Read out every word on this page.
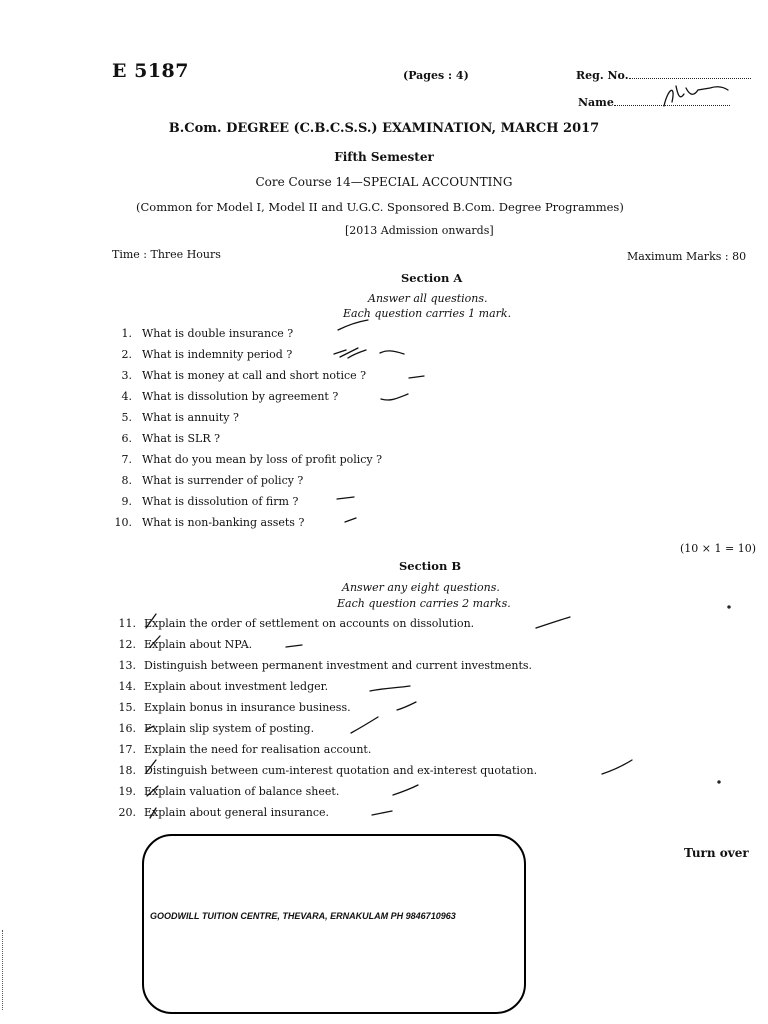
E 5187	(Pages : 4)	Reg. No.
Name
B.Com. DEGREE (C.B.C.S.S.) EXAMINATION, MARCH 2017
Fifth Semester
Core Course 14—SPECIAL ACCOUNTING
(Common for Model I, Model II and U.G.C. Sponsored B.Com. Degree Programmes)
[2013 Admission onwards]
Time : Three Hours	Maximum Marks : 80
Section A
Answer all questions.
Each question carries 1 mark.
1. What is double insurance ?
2. What is indemnity period ?
3. What is money at call and short notice ?
4. What is dissolution by agreement ?
5. What is annuity ?
6. What is SLR ?
7. What do you mean by loss of profit policy ?
8. What is surrender of policy ?
9. What is dissolution of firm ?
10. What is non-banking assets ?
(10 × 1 = 10)
Section B
Answer any eight questions.
Each question carries 2 marks.
11. Explain the order of settlement on accounts on dissolution.
12. Explain about NPA.
13. Distinguish between permanent investment and current investments.
14. Explain about investment ledger.
15. Explain bonus in insurance business.
16. Explain slip system of posting.
17. Explain the need for realisation account.
18. Distinguish between cum-interest quotation and ex-interest quotation.
19. Explain valuation of balance sheet.
20. Explain about general insurance.
Turn over
GOODWILL TUITION CENTRE, THEVARA, ERNAKULAM PH 9846710963
